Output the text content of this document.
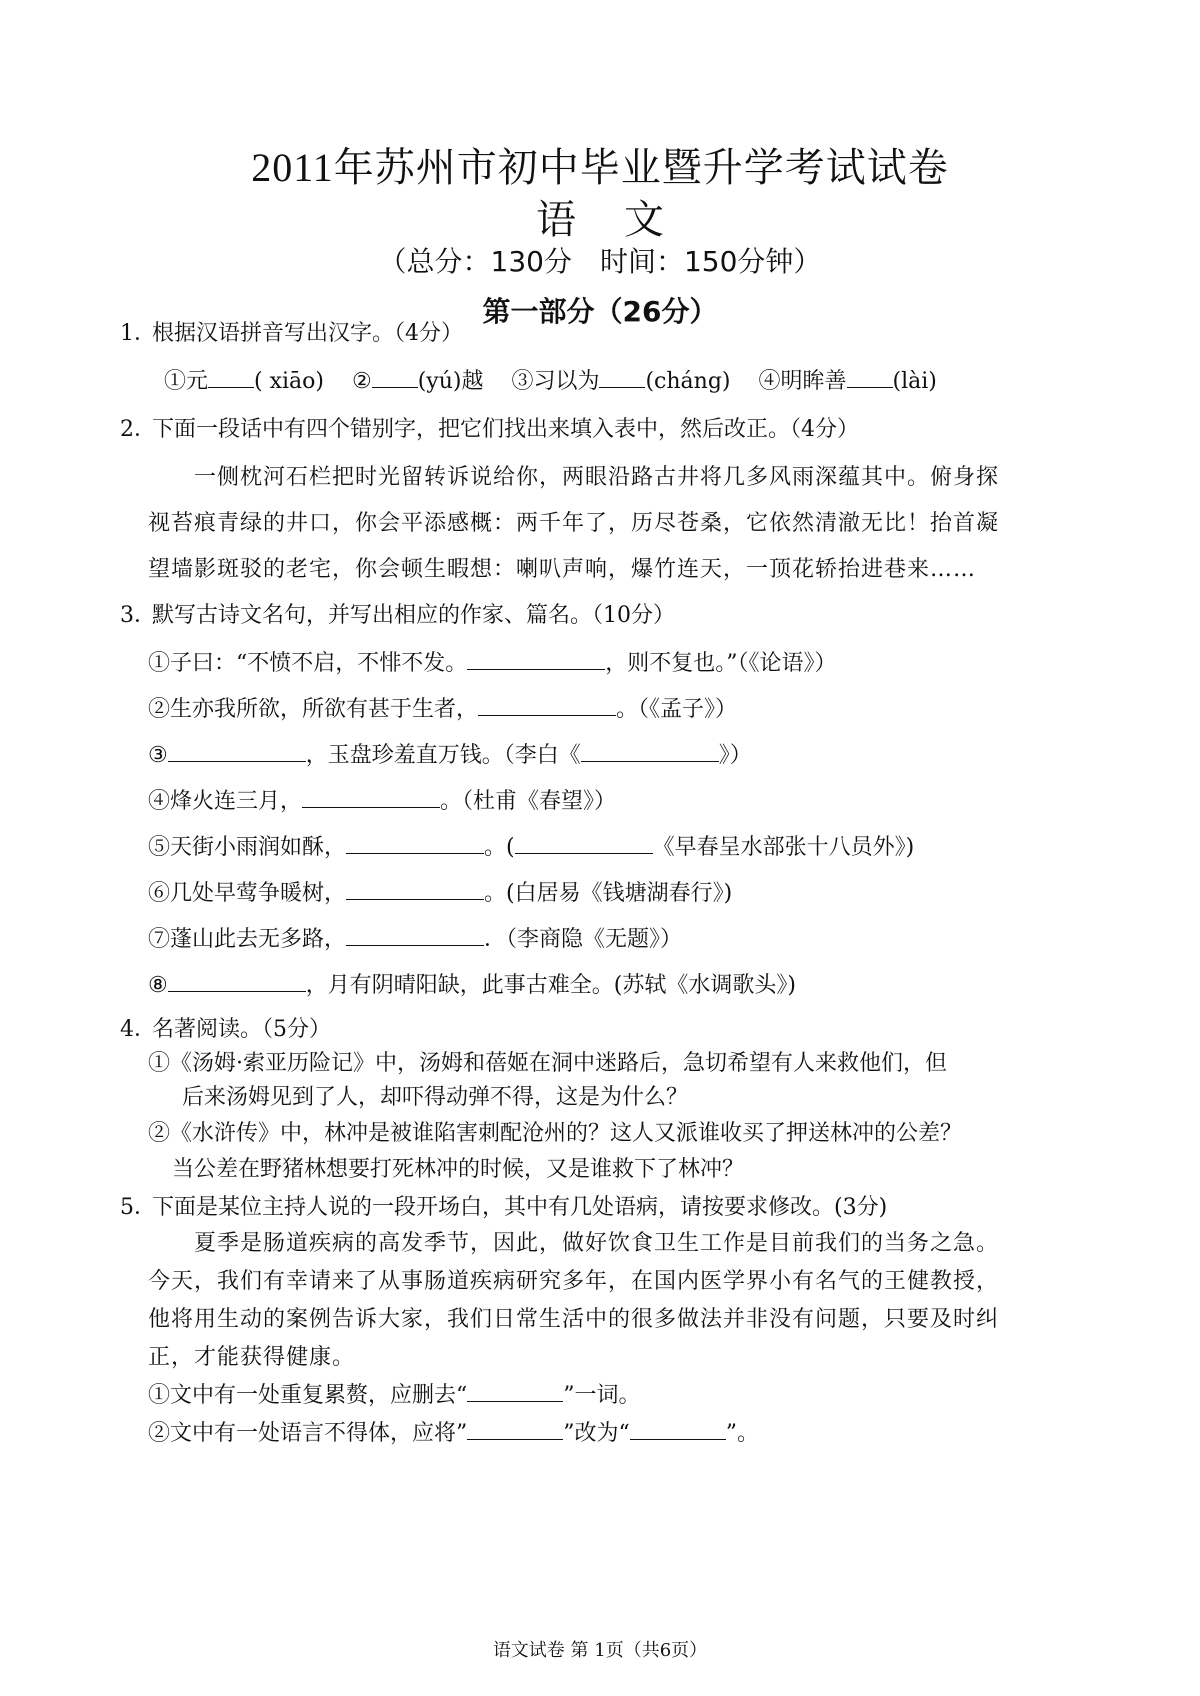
2011年苏州市初中毕业暨升学考试试卷
语 文
（总分：130分　时间：150分钟）
第一部分（26分）
1．根据汉语拼音写出汉字。（4分）
①元 ( xiāo) ② (yú)越 ③习以为 (cháng) ④明眸善 (lài)
2．下面一段话中有四个错别字，把它们找出来填入表中，然后改正。（4分）
一侧枕河石栏把时光留转诉说给你，两眼沿路古井将几多风雨深蕴其中。俯身探
视苔痕青绿的井口，你会平添感概：两千年了，历尽苍桑，它依然清澈无比！抬首凝
望墙影斑驳的老宅，你会顿生暇想：喇叭声响，爆竹连天，一顶花轿抬进巷来……
3．默写古诗文名句，并写出相应的作家、篇名。（10分）
①子曰：“不愤不启，不悱不发。	，则不复也。”（《论语》）
②生亦我所欲，所欲有甚于生者，	。（《孟子》）
③	，玉盘珍羞直万钱。（李白《	》）
④烽火连三月，	。（杜甫《春望》）
⑤天街小雨润如酥，	。(	《早春呈水部张十八员外》)
⑥几处早莺争暖树，	。(白居易《钱塘湖春行》)
⑦蓬山此去无多路，	．（李商隐《无题》）
⑧	，月有阴晴阳缺，此事古难全。(苏轼《水调歌头》)
4．名著阅读。（5分）
①《汤姆·索亚历险记》中，汤姆和蓓姬在洞中迷路后，急切希望有人来救他们，但
后来汤姆见到了人，却吓得动弹不得，这是为什么？
②《水浒传》中，林冲是被谁陷害刺配沧州的？这人又派谁收买了押送林冲的公差？
当公差在野猪林想要打死林冲的时候，又是谁救下了林冲？
5．下面是某位主持人说的一段开场白，其中有几处语病，请按要求修改。(3分)
夏季是肠道疾病的高发季节，因此，做好饮食卫生工作是目前我们的当务之急。
今天，我们有幸请来了从事肠道疾病研究多年，在国内医学界小有名气的王健教授，
他将用生动的案例告诉大家，我们日常生活中的很多做法并非没有问题，只要及时纠
正，才能获得健康。
①文中有一处重复累赘，应删去“	”一词。
②文中有一处语言不得体，应将”	”改为“	”。
语文试卷 第 1页（共6页）
